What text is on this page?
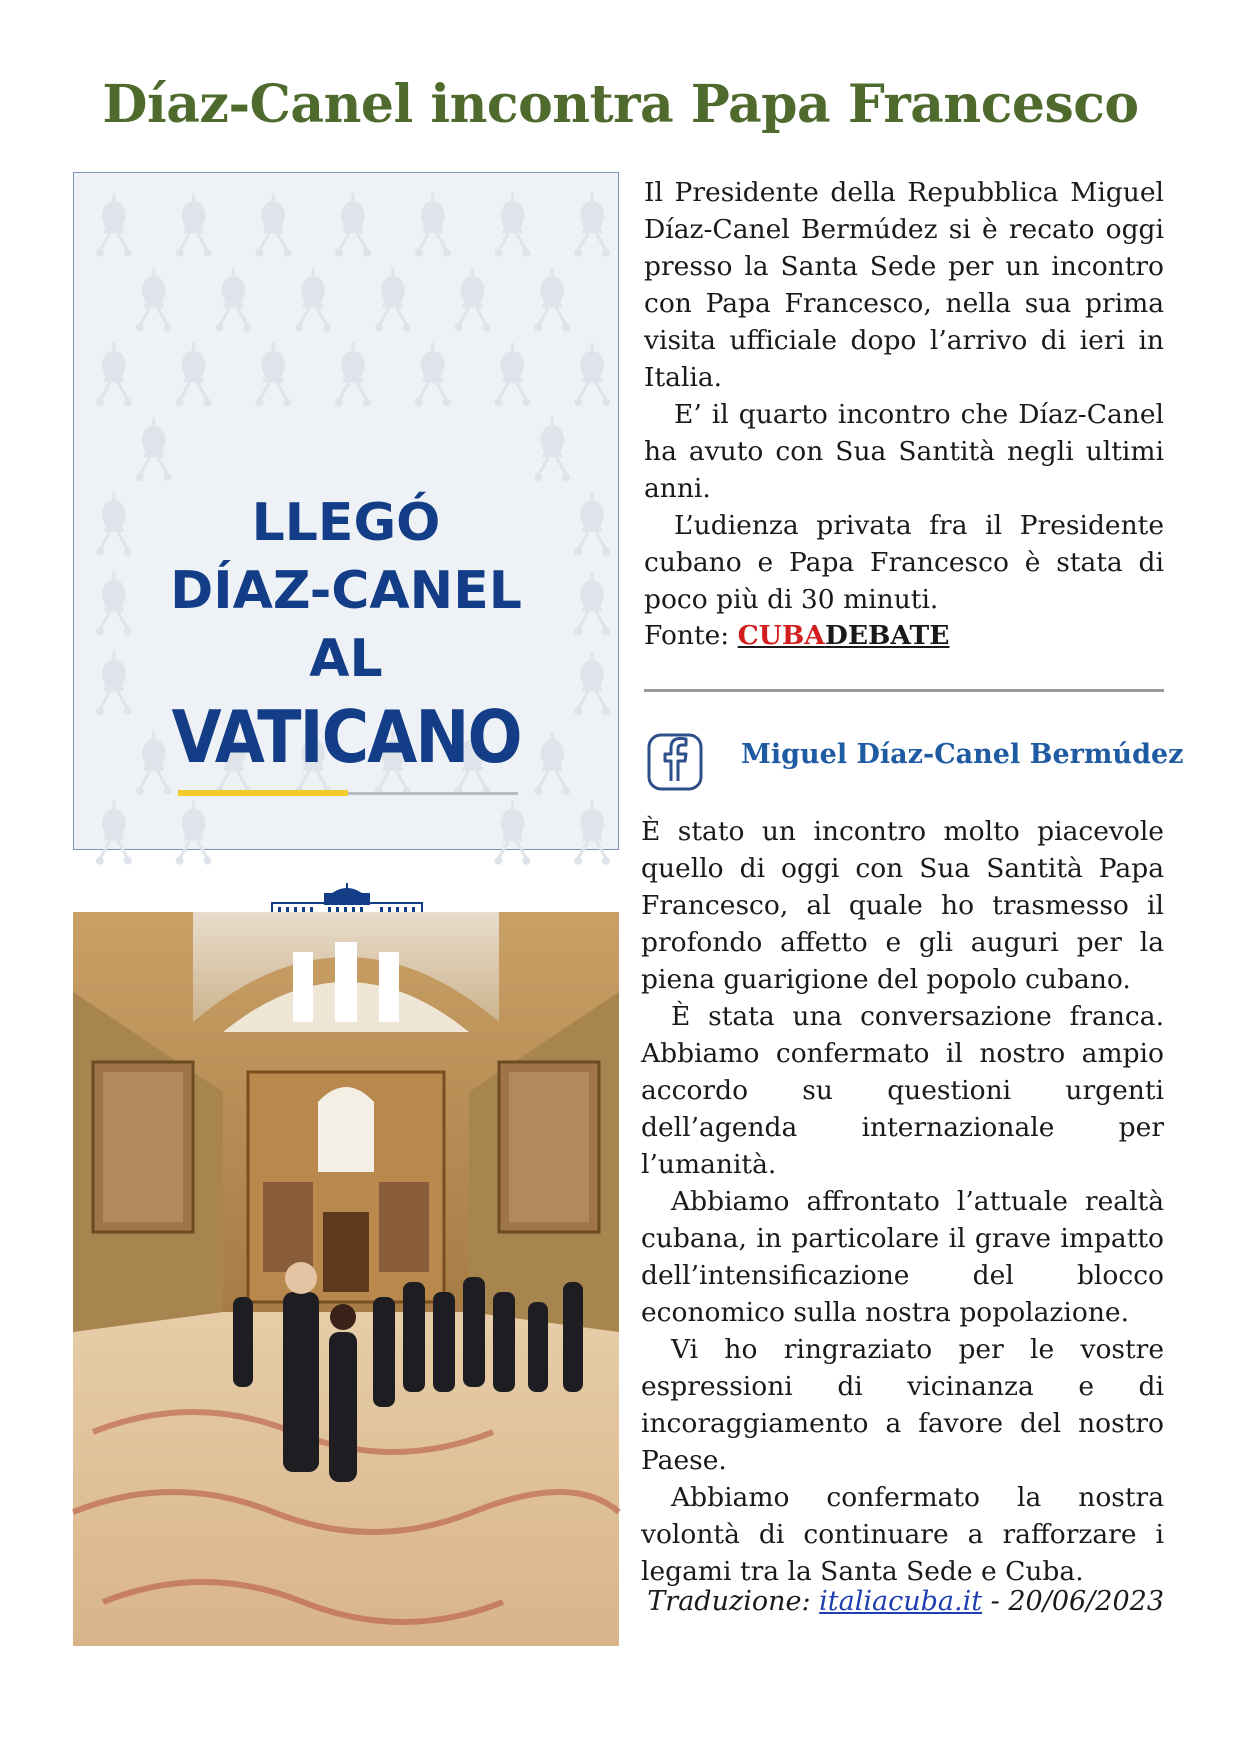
Díaz-Canel incontra Papa Francesco
LLEGÓ
DÍAZ-CANEL
AL
VATICANO

Il Presidente della Repubblica Miguel Díaz-Canel Bermúdez si è recato oggi presso la Santa Sede per un incontro con Papa Francesco, nella sua prima visita ufficiale dopo l’arrivo di ieri in Italia.

E’ il quarto incontro che Díaz-Canel ha avuto con Sua Santità negli ultimi anni.

L’udienza privata fra il Presidente cubano e Papa Francesco è stata di poco più di 30 minuti.

Fonte: CUBADEBATE
Miguel Díaz-Canel Bermúdez

È stato un incontro molto piacevole quello di oggi con Sua Santità Papa Francesco, al quale ho trasmesso il profondo affetto e gli auguri per la piena guarigione del popolo cubano.

È stata una conversazione franca. Abbiamo confermato il nostro ampio accordo su questioni urgenti dell’agenda internazionale per l’umanità.

Abbiamo affrontato l’attuale realtà cubana, in particolare il grave impatto dell’intensificazione del blocco economico sulla nostra popolazione.

Vi ho ringraziato per le vostre espressioni di vicinanza e di incoraggiamento a favore del nostro Paese.

Abbiamo confermato la nostra volontà di continuare a rafforzare i legami tra la Santa Sede e Cuba.

Traduzione: italiacuba.it - 20/06/2023
